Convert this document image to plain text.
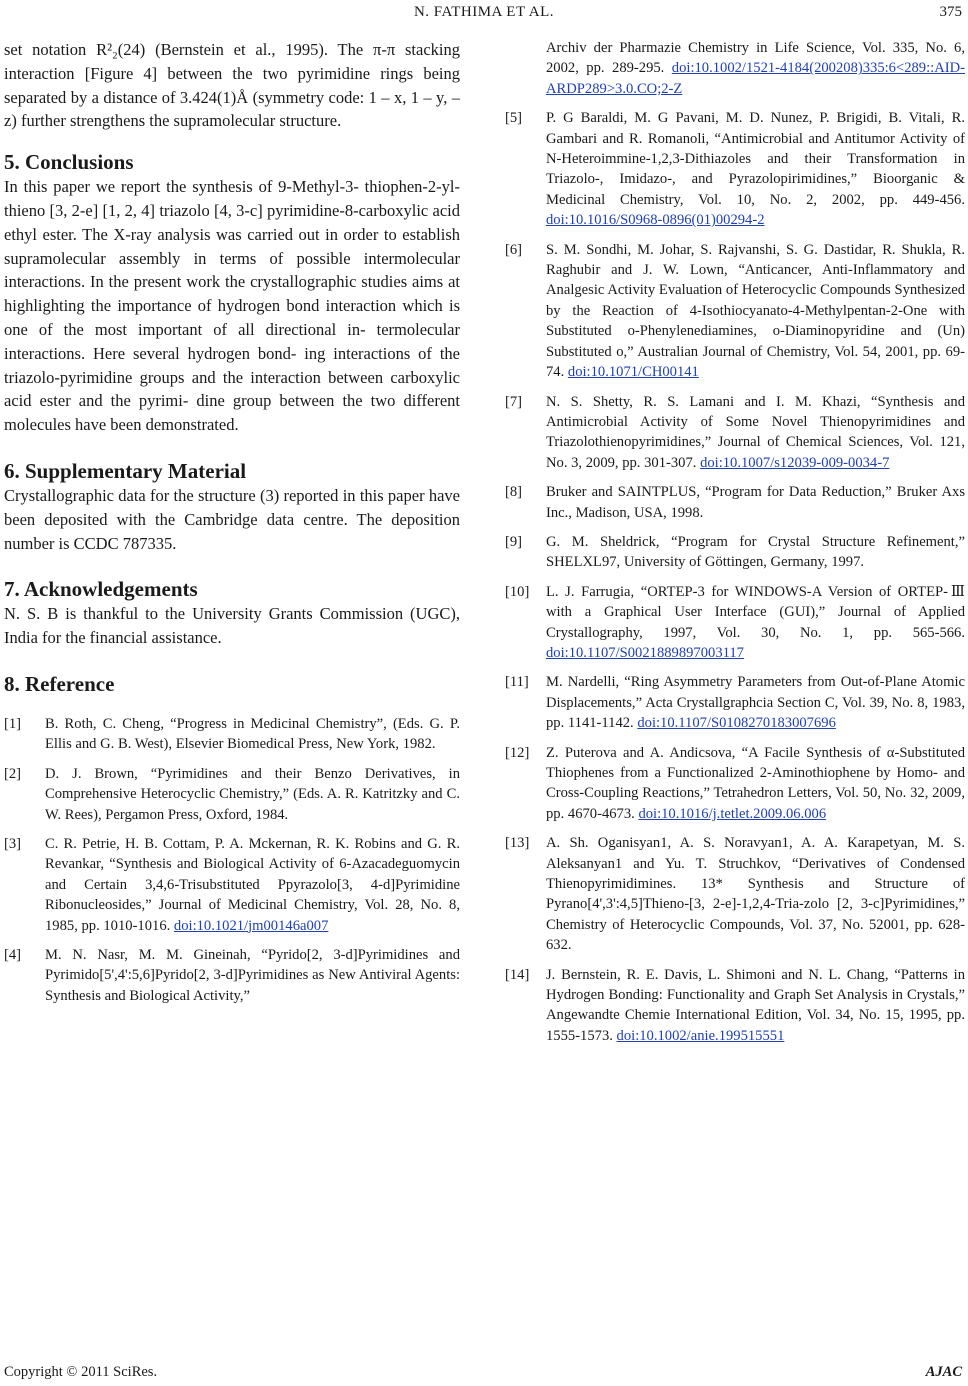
N. FATHIMA ET AL.	375

set notation R²₂(24) (Bernstein et al., 1995). The π-π stacking interaction [Figure 4] between the two pyrimidine rings being separated by a distance of 3.424(1)Å (symmetry code: 1 – x, 1 – y, –z) further strengthens the supramolecular structure.

5. Conclusions

In this paper we report the synthesis of 9-Methyl-3- thiophen-2-yl-thieno [3, 2-e] [1, 2, 4] triazolo [4, 3-c] pyrimidine-8-carboxylic acid ethyl ester. The X-ray analysis was carried out in order to establish supramolecular assembly in terms of possible intermolecular interactions. In the present work the crystallographic studies aims at highlighting the importance of hydrogen bond interaction which is one of the most important of all directional in- termolecular interactions. Here several hydrogen bond- ing interactions of the triazolo-pyrimidine groups and the interaction between carboxylic acid ester and the pyrimi- dine group between the two different molecules have been demonstrated.

6. Supplementary Material

Crystallographic data for the structure (3) reported in this paper have been deposited with the Cambridge data centre. The deposition number is CCDC 787335.

7. Acknowledgements

N. S. B is thankful to the University Grants Commission (UGC), India for the financial assistance.

8. Reference
[1] B. Roth, C. Cheng, “Progress in Medicinal Chemistry”, (Eds. G. P. Ellis and G. B. West), Elsevier Biomedical Press, New York, 1982.
[2] D. J. Brown, “Pyrimidines and their Benzo Derivatives, in Comprehensive Heterocyclic Chemistry,” (Eds. A. R. Katritzky and C. W. Rees), Pergamon Press, Oxford, 1984.
[3] C. R. Petrie, H. B. Cottam, P. A. Mckernan, R. K. Robins and G. R. Revankar, “Synthesis and Biological Activity of 6-Azacadeguomycin and Certain 3,4,6-Trisubstituted Ppyrazolo[3, 4-d]Pyrimidine Ribonucleosides,” Journal of Medicinal Chemistry, Vol. 28, No. 8, 1985, pp. 1010-1016. doi:10.1021/jm00146a007
[4] M. N. Nasr, M. M. Gineinah, “Pyrido[2, 3-d]Pyrimidines and Pyrimido[5',4':5,6]Pyrido[2, 3-d]Pyrimidines as New Antiviral Agents: Synthesis and Biological Activity,”
Archiv der Pharmazie Chemistry in Life Science, Vol. 335, No. 6, 2002, pp. 289-295. doi:10.1002/1521-4184(200208)335:6<289::AID-ARDP289>3.0.CO;2-Z
[5] P. G Baraldi, M. G Pavani, M. D. Nunez, P. Brigidi, B. Vitali, R. Gambari and R. Romanoli, “Antimicrobial and Antitumor Activity of N-Heteroimmine-1,2,3-Dithiazoles and their Transformation in Triazolo-, Imidazo-, and Pyrazolopirimidines,” Bioorganic & Medicinal Chemistry, Vol. 10, No. 2, 2002, pp. 449-456. doi:10.1016/S0968-0896(01)00294-2
[6] S. M. Sondhi, M. Johar, S. Rajvanshi, S. G. Dastidar, R. Shukla, R. Raghubir and J. W. Lown, “Anticancer, Anti-Inflammatory and Analgesic Activity Evaluation of Heterocyclic Compounds Synthesized by the Reaction of 4-Isothiocyanato-4-Methylpentan-2-One with Substituted o-Phenylenediamines, o-Diaminopyridine and (Un) Substituted o,” Australian Journal of Chemistry, Vol. 54, 2001, pp. 69-74. doi:10.1071/CH00141
[7] N. S. Shetty, R. S. Lamani and I. M. Khazi, “Synthesis and Antimicrobial Activity of Some Novel Thienopyrimidines and Triazolothienopyrimidines,” Journal of Chemical Sciences, Vol. 121, No. 3, 2009, pp. 301-307. doi:10.1007/s12039-009-0034-7
[8] Bruker and SAINTPLUS, “Program for Data Reduction,” Bruker Axs Inc., Madison, USA, 1998.
[9] G. M. Sheldrick, “Program for Crystal Structure Refinement,” SHELXL97, University of Göttingen, Germany, 1997.
[10] L. J. Farrugia, “ORTEP-3 for WINDOWS-A Version of ORTEP-Ⅲ with a Graphical User Interface (GUI),” Journal of Applied Crystallography, 1997, Vol. 30, No. 1, pp. 565-566. doi:10.1107/S0021889897003117
[11] M. Nardelli, “Ring Asymmetry Parameters from Out-of-Plane Atomic Displacements,” Acta Crystallgraphcia Section C, Vol. 39, No. 8, 1983, pp. 1141-1142. doi:10.1107/S0108270183007696
[12] Z. Puterova and A. Andicsova, “A Facile Synthesis of α-Substituted Thiophenes from a Functionalized 2-Aminothiophene by Homo- and Cross-Coupling Reactions,” Tetrahedron Letters, Vol. 50, No. 32, 2009, pp. 4670-4673. doi:10.1016/j.tetlet.2009.06.006
[13] A. Sh. Oganisyan1, A. S. Noravyan1, A. A. Karapetyan, M. S. Aleksanyan1 and Yu. T. Struchkov, “Derivatives of Condensed Thienopyrimidimines. 13* Synthesis and Structure of Pyrano[4',3':4,5]Thieno-[3, 2-e]-1,2,4-Tria-zolo [2, 3-c]Pyrimidines,” Chemistry of Heterocyclic Compounds, Vol. 37, No. 52001, pp. 628-632.
[14] J. Bernstein, R. E. Davis, L. Shimoni and N. L. Chang, “Patterns in Hydrogen Bonding: Functionality and Graph Set Analysis in Crystals,” Angewandte Chemie International Edition, Vol. 34, No. 15, 1995, pp. 1555-1573. doi:10.1002/anie.199515551
Copyright © 2011 SciRes.	AJAC
